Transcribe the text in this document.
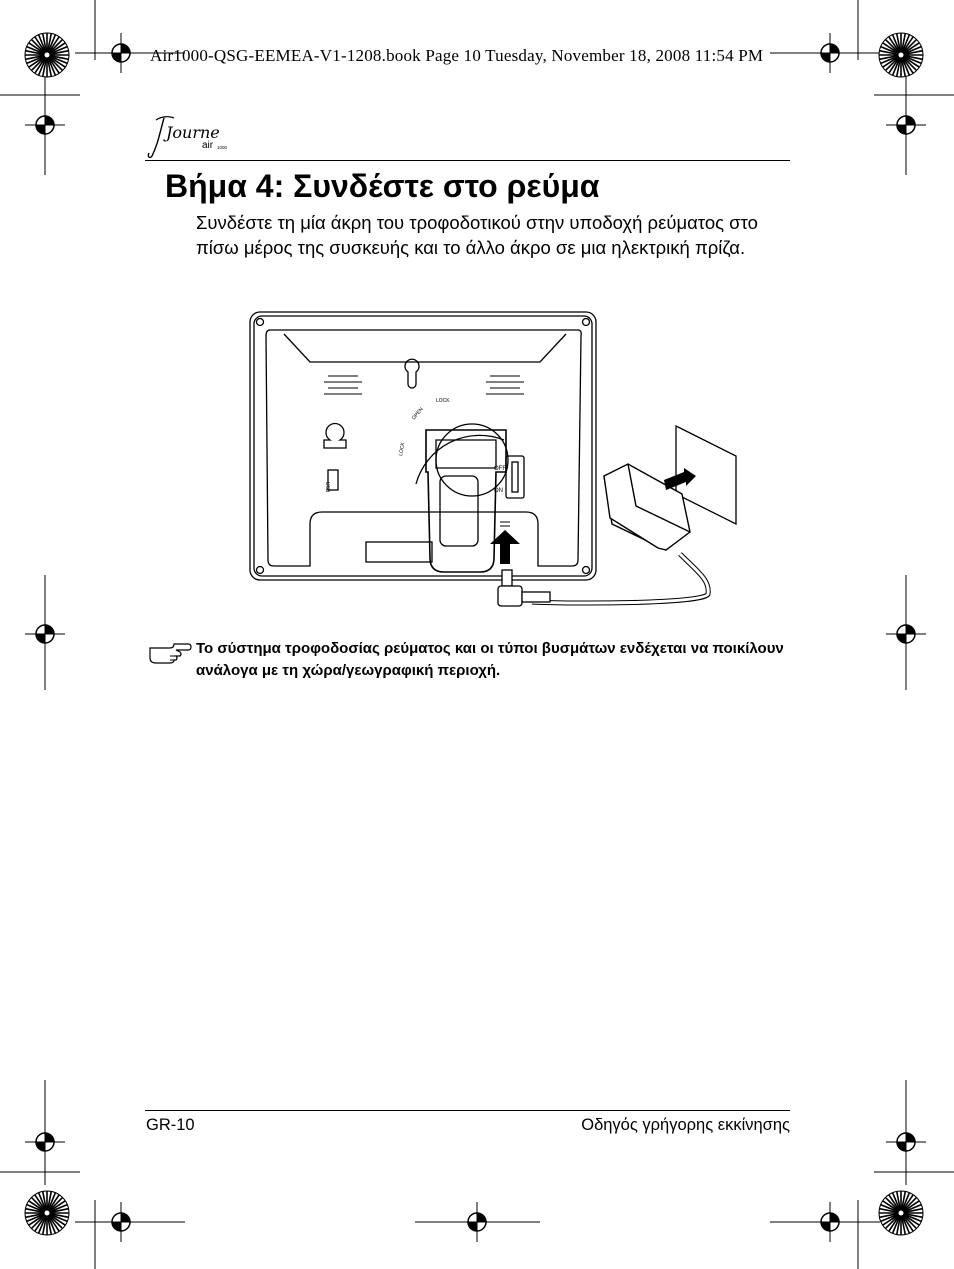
Air1000-QSG-EEMEA-V1-1208.book Page 10 Tuesday, November 18, 2008 11:54 PM
Journe
air 1000
Βήμα 4: Συνδέστε στο ρεύμα
Συνδέστε τη μία άκρη του τροφοδοτικού στην υποδοχή ρεύματος στο πίσω μέρος της συσκευής και το άλλο άκρο σε μια ηλεκτρική πρίζα.
LOCK
OPEN
LOCK
OFF
ON
USB
Το σύστημα τροφοδοσίας ρεύματος και οι τύποι βυσμάτων ενδέχεται να ποικίλουν ανάλογα με τη χώρα/γεωγραφική περιοχή.
GR-10	Οδηγός γρήγορης εκκίνησης
